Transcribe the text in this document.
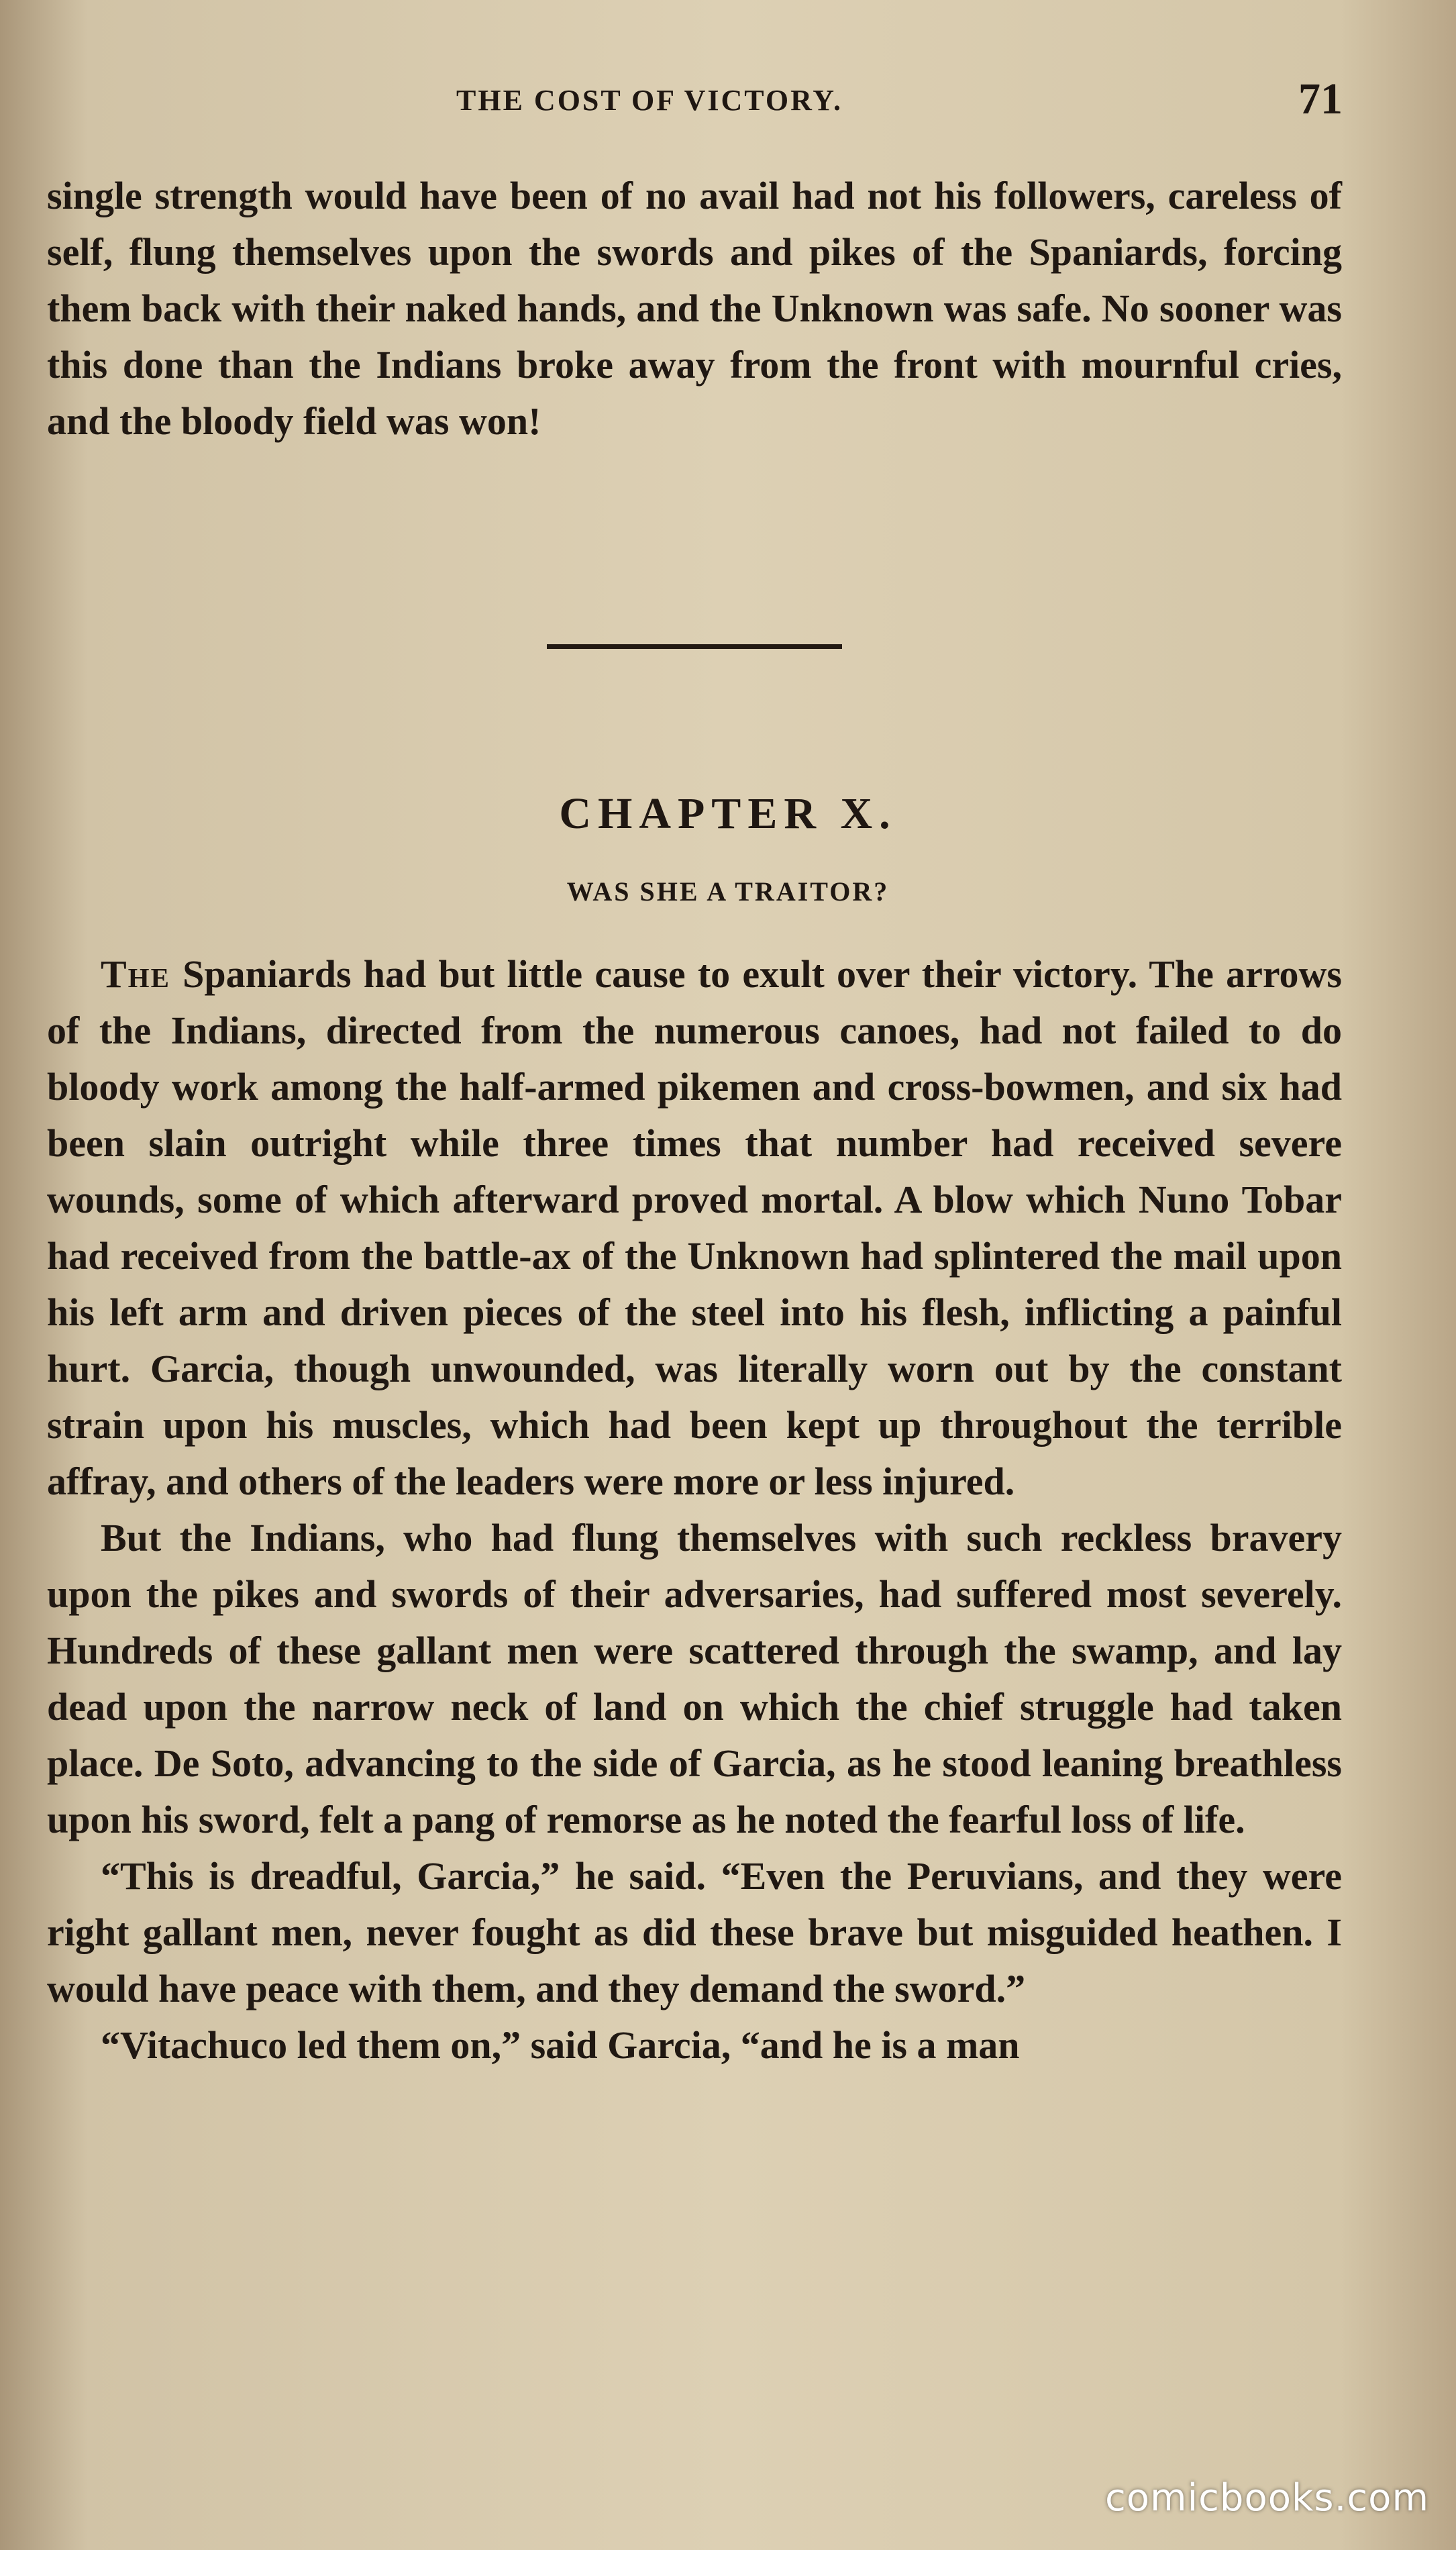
THE COST OF VICTORY.	71

single strength would have been of no avail had not his followers, careless of self, flung themselves upon the swords and pikes of the Spaniards, forcing them back with their naked hands, and the Unknown was safe. No sooner was this done than the Indians broke away from the front with mournful cries, and the bloody field was won!

CHAPTER X.
WAS SHE A TRAITOR?

The Spaniards had but little cause to exult over their victory. The arrows of the Indians, directed from the numerous canoes, had not failed to do bloody work among the half-armed pikemen and cross-bowmen, and six had been slain outright while three times that number had received severe wounds, some of which afterward proved mortal. A blow which Nuno Tobar had received from the battle-ax of the Unknown had splintered the mail upon his left arm and driven pieces of the steel into his flesh, inflicting a painful hurt. Garcia, though unwounded, was literally worn out by the constant strain upon his muscles, which had been kept up throughout the terrible affray, and others of the leaders were more or less injured.

But the Indians, who had flung themselves with such reckless bravery upon the pikes and swords of their adversaries, had suffered most severely. Hundreds of these gallant men were scattered through the swamp, and lay dead upon the narrow neck of land on which the chief struggle had taken place. De Soto, advancing to the side of Garcia, as he stood leaning breathless upon his sword, felt a pang of remorse as he noted the fearful loss of life.

“This is dreadful, Garcia,” he said. “Even the Peruvians, and they were right gallant men, never fought as did these brave but misguided heathen. I would have peace with them, and they demand the sword.”

“Vitachuco led them on,” said Garcia, “and he is a man

comicbooks.com
